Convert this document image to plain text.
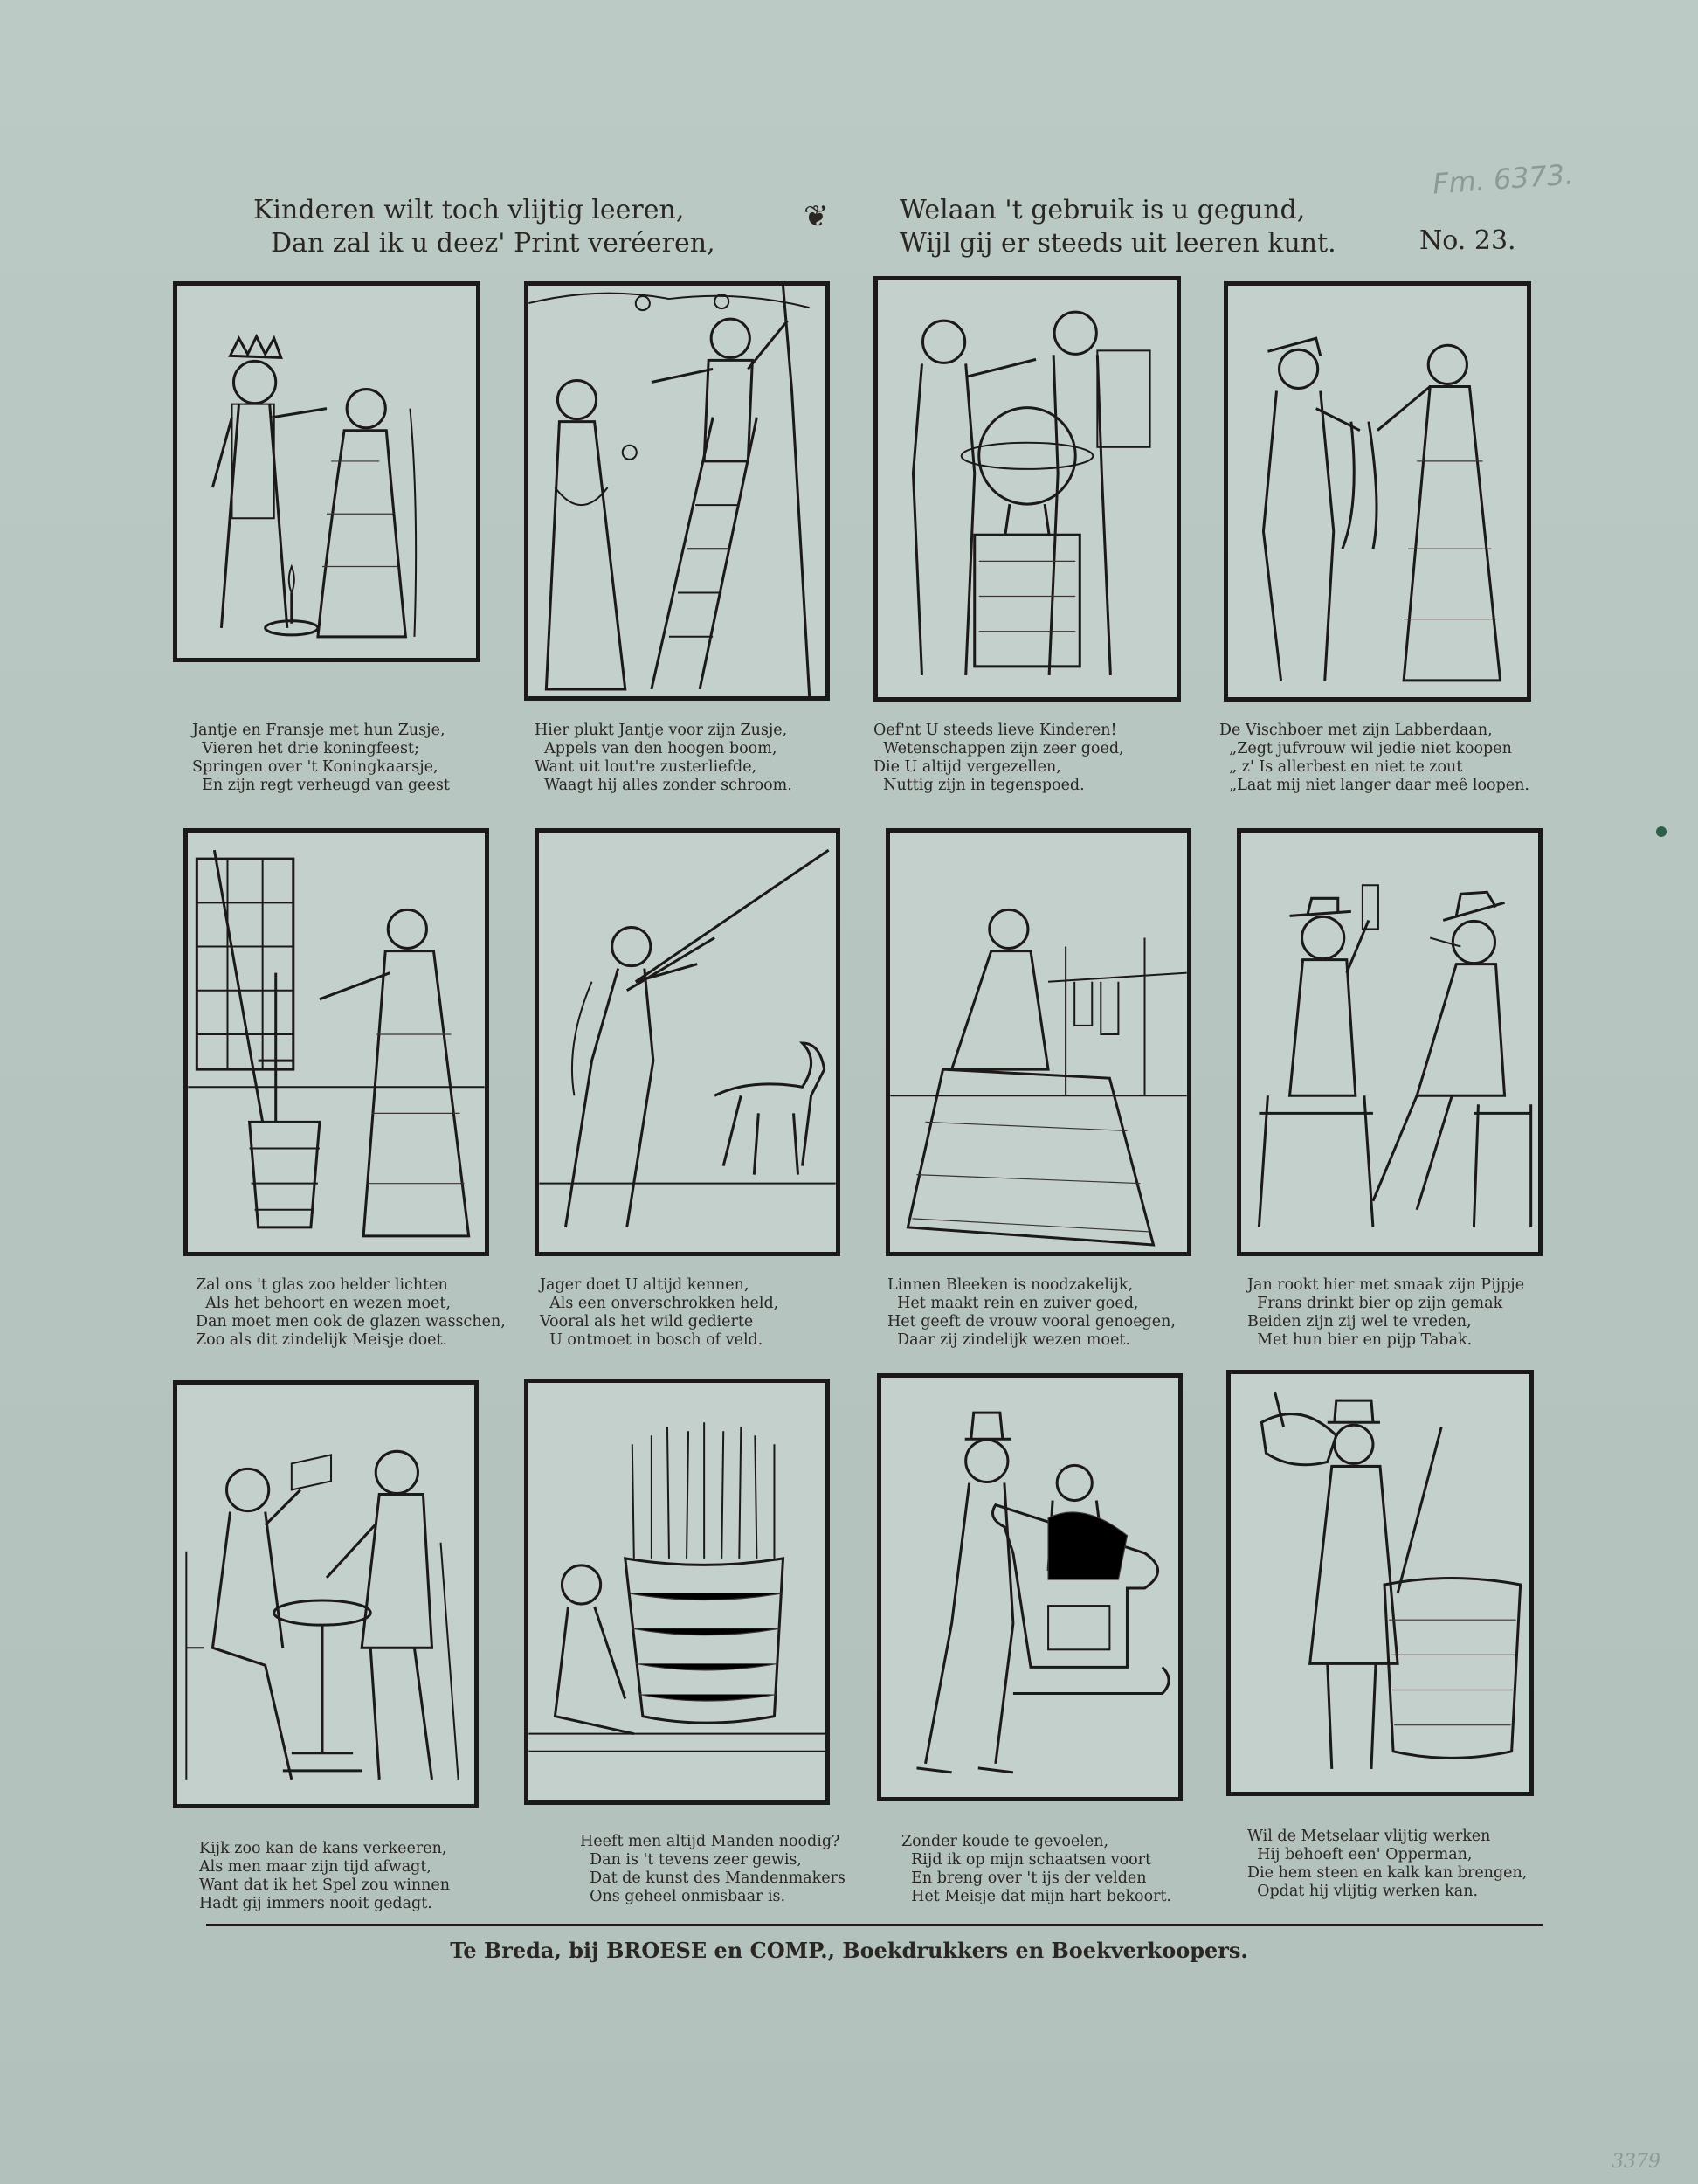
Fm. 6373.
Kinderen wilt toch vlijtig leeren,
Dan zal ik u deez' Print veréeren,
❦	Welaan 't gebruik is u gegund,
Wijl gij er steeds uit leeren kunt.	No. 23.
Jantje en Fransje met hun Zusje,
Vieren het drie koningfeest;
Springen over 't Koningkaarsje,
En zijn regt verheugd van geest
Hier plukt Jantje voor zijn Zusje,
Appels van den hoogen boom,
Want uit lout're zusterliefde,
Waagt hij alles zonder schroom.
Oef'nt U steeds lieve Kinderen!
Wetenschappen zijn zeer goed,
Die U altijd vergezellen,
Nuttig zijn in tegenspoed.
De Vischboer met zijn Labberdaan,
„Zegt jufvrouw wil jedie niet koopen
„ z' Is allerbest en niet te zout
„Laat mij niet langer daar meê loopen.
Zal ons 't glas zoo helder lichten
Als het behoort en wezen moet,
Dan moet men ook de glazen wasschen,
Zoo als dit zindelijk Meisje doet.
Jager doet U altijd kennen,
Als een onverschrokken held,
Vooral als het wild gedierte
U ontmoet in bosch of veld.
Linnen Bleeken is noodzakelijk,
Het maakt rein en zuiver goed,
Het geeft de vrouw vooral genoegen,
Daar zij zindelijk wezen moet.
Jan rookt hier met smaak zijn Pijpje
Frans drinkt bier op zijn gemak
Beiden zijn zij wel te vreden,
Met hun bier en pijp Tabak.
Kijk zoo kan de kans verkeeren,
Als men maar zijn tijd afwagt,
Want dat ik het Spel zou winnen
Hadt gij immers nooit gedagt.
Heeft men altijd Manden noodig?
Dan is 't tevens zeer gewis,
Dat de kunst des Mandenmakers
Ons geheel onmisbaar is.
Zonder koude te gevoelen,
Rijd ik op mijn schaatsen voort
En breng over 't ijs der velden
Het Meisje dat mijn hart bekoort.
Wil de Metselaar vlijtig werken
Hij behoeft een' Opperman,
Die hem steen en kalk kan brengen,
Opdat hij vlijtig werken kan.
Te Breda, bij BROESE en COMP., Boekdrukkers en Boekverkoopers.
3379
